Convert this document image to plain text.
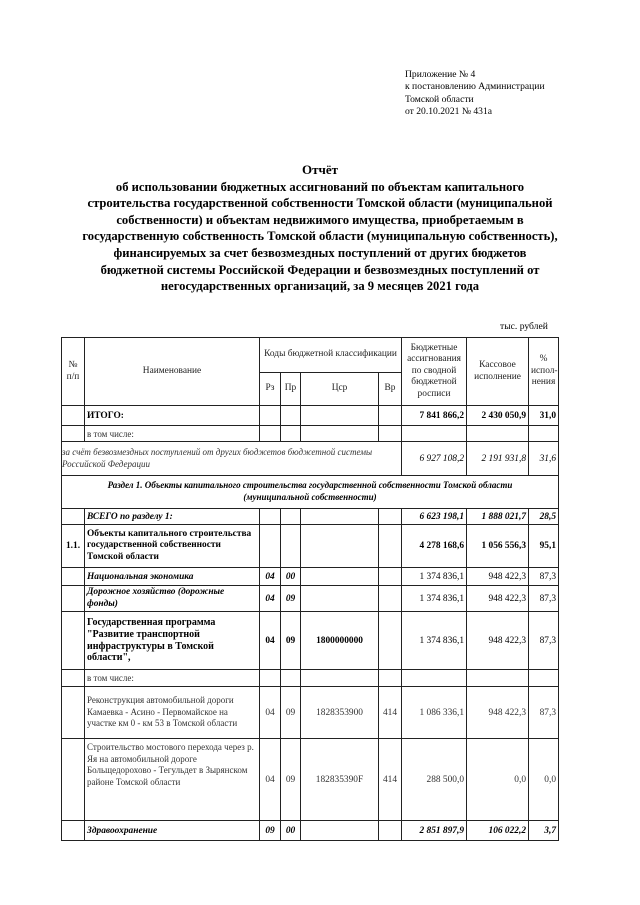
Приложение № 4
к постановлению Администрации
Томской области
от 20.10.2021 № 431а
Отчёт
об использовании бюджетных ассигнований по объектам капитального
строительства государственной собственности Томской области (муниципальной
собственности) и объектам недвижимого имущества, приобретаемым в
государственную собственность Томской области (муниципальную собственность),
финансируемых за счет безвозмездных поступлений от других бюджетов
бюджетной системы Российской Федерации и безвозмездных поступлений от
негосударственных организаций, за 9 месяцев 2021 года
тыс. рублей
№ п/п	Наименование	Коды бюджетной классификации				Бюджетные ассигнования по сводной бюджетной росписи	Кассовое исполнение	% испол-нения
		Рз	Пр	Цср	Вр			
	ИТОГО:					7 841 866,2	2 430 050,9	31,0
	в том числе:							
за счёт безвозмездных поступлений от других бюджетов бюджетной системы Российской Федерации						6 927 108,2	2 191 931,8	31,6
Раздел 1. Объекты капитального строительства государственной собственности Томской области (муниципальной собственности)								
	ВСЕГО по разделу 1:					6 623 198,1	1 888 021,7	28,5
1.1.	Объекты капитального строительства государственной собственности Томской области					4 278 168,6	1 056 556,3	95,1
	Национальная экономика	04	00			1 374 836,1	948 422,3	87,3
	Дорожное хозяйство (дорожные фонды)	04	09			1 374 836,1	948 422,3	87,3
	Государственная программа "Развитие транспортной инфраструктуры в Томской области",	04	09	1800000000		1 374 836,1	948 422,3	87,3
	в том числе:							
	Реконструкция автомобильной дороги Камаевка - Асино - Первомайское на участке км 0 - км 53 в Томской области	04	09	1828353900	414	1 086 336,1	948 422,3	87,3
	Строительство мостового перехода через р. Яя на автомобильной дороге Больщедорохово - Тегульдет в Зырянском районе Томской области	04	09	182835390F	414	288 500,0	0,0	0,0
	Здравоохранение	09	00			2 851 897,9	106 022,2	3,7
